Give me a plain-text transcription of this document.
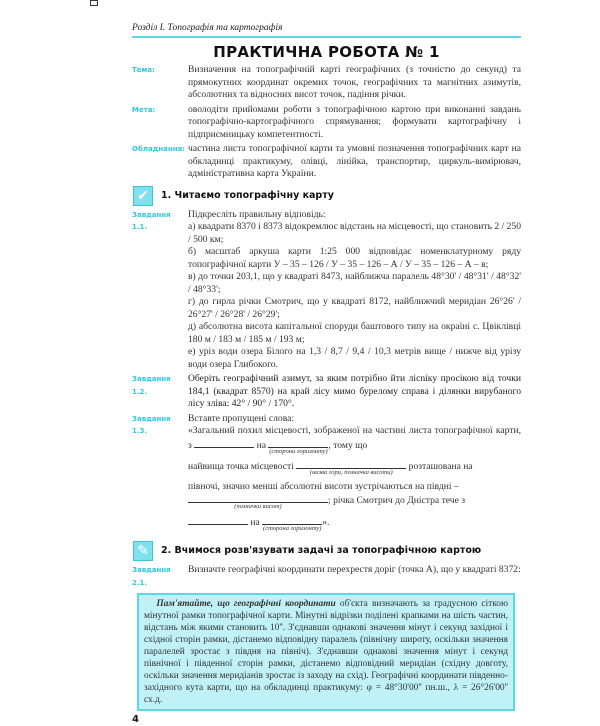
Розділ I. Топографія та картографія
ПРАКТИЧНА РОБОТА № 1
Тема:	Визначення на топографічній карті географічних (з точністю до секунд) та прямокутних координат окремих точок, географічних та магнітних азимутів, абсолютних та відносних висот точок, падіння річки.
Мета:	оволодіти прийомами роботи з топографічною картою при виконанні завдань топографічно-картографічного спрямування; формувати картографічну і підприємницьку компетентності.
Обладнання: частина листа топографічної карти та умовні позначення топографічних карт на обкладинці практикуму, олівці, лінійка, транспортир, циркуль-вимірювач, адміністративна карта України.
✔	1. Читаємо топографічну карту
Завдання 1.1.

Підкресліть правильну відповідь:

а) квадрати 8370 і 8373 відокремлює відстань на місцевості, що становить 2 / 250 / 500 км;

б) масштаб аркуша карти 1:25 000 відповідає номенклатурному ряду топографічної карти У – 35 – 126 / У – 35 – 126 – А / У – 35 – 126 – А – в;

в) до точки 203,1, що у квадраті 8473, найближча паралель 48°30' / 48°31' / 48°32' / 48°33';

г) до гирла річки Смотрич, що у квадраті 8172, найближчий меридіан 26°26' / 26°27' / 26°28' / 26°29';

д) абсолютна висота капітальної споруди баштового типу на окраїні с. Цвіклівці 180 м / 183 м / 185 м / 193 м;

е) уріз води озера Білого на 1,3 / 8,7 / 9,4 / 10,3 метрів вище / нижче від урізу води озера Глибокого.

Завдання 1.2.
Оберіть географічний азимут, за яким потрібно йти лісníку просікою від точки 184,1 (квадрат 8570) на край лісу мимо бурелому справа і ділянки вирубаного лісу зліва: 42° / 90° / 170°.
Завдання 1.3.

Вставте пропущені слова:

«Загальний похил місцевості, зображеної на частині листа топографічної карти, з	на
(сторона горизонту)
, тому що

найвища точка місцевості
(назва гори, позначка висоти)
розташована на

півночі, значно менші абсолютні висоти зустрічаються на півдні –

(позначки висот)
; річка Смотрич до Дністра тече з

на
(сторона горизонту)
».

✎	2. Вчимося розв'язувати задачі за топографічною картою
Завдання 2.1.
Визначте географічні координати перехрестя доріг (точка А), що у квадраті 8372:
Пам'ятайте, що географічні координати об'єкта визначають за градусною сіткою мінутної рамки топографічної карти. Мінутні відрізки поділені крапками на шість частин, відстань між якими становить 10''. З'єднавши однакові значення мінут і секунд західної і східної сторін рамки, дістанемо відповідну паралель (північну широту, оскільки значення паралелей зростає з півдня на північ). З'єднавши однакові значення мінут і секунд північної і південної сторін рамки, дістанемо відповідний меридіан (східну довготу, оскільки значення меридіанів зростає із заходу на схід). Географічні координати південно-західного кута карти, що на обкладинці практикуму: φ = 48°30'00'' пн.ш., λ = 26°26'00'' сх.д.
4
